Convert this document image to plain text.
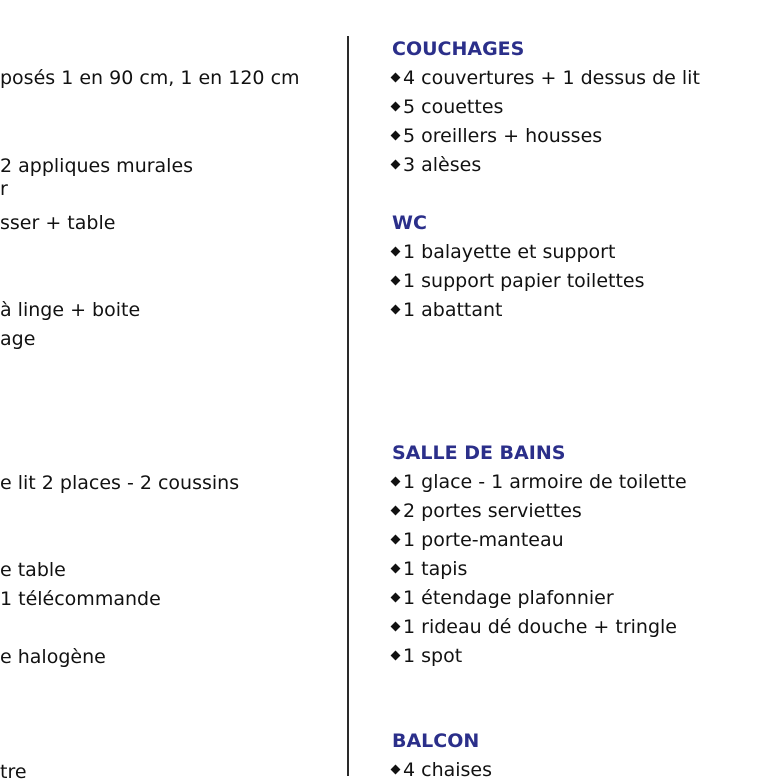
posés 1 en 90 cm, 1 en 120 cm
2 appliques murales
r
sser + table
à linge + boite
age
e lit 2 places - 2 coussins
e table
1 télécommande
e halogène
tre
COUCHAGES
4 couvertures + 1 dessus de lit
5 couettes
5 oreillers + housses
3 alèses
WC
1 balayette et support
1 support papier toilettes
1 abattant
SALLE DE BAINS
1 glace - 1 armoire de toilette
2 portes serviettes
1 porte-manteau
1 tapis
1 étendage plafonnier
1 rideau dé douche + tringle
1 spot
BALCON
4 chaises
